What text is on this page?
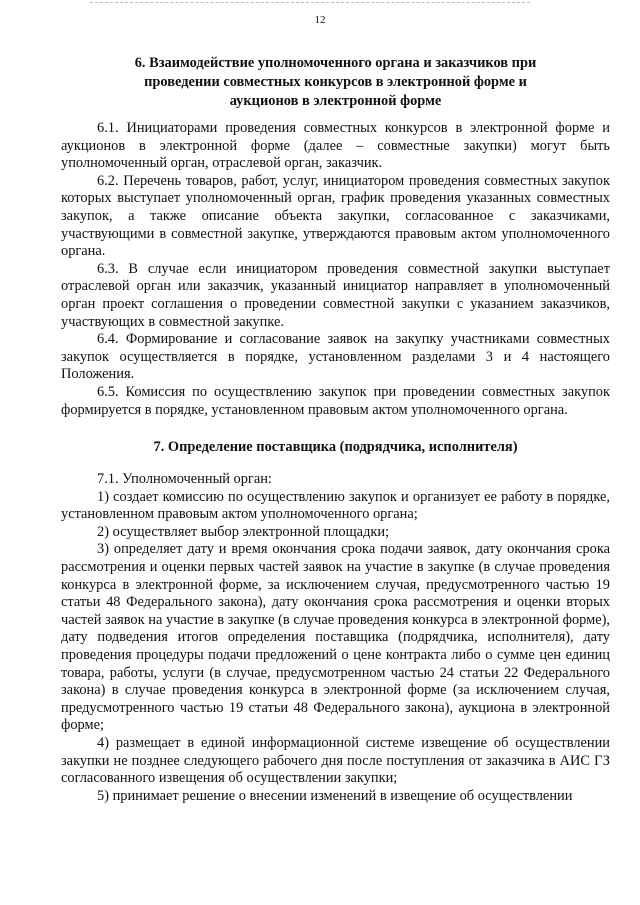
12
6. Взаимодействие уполномоченного органа и заказчиков при проведении совместных конкурсов в электронной форме и аукционов в электронной форме

6.1. Инициаторами проведения совместных конкурсов в электронной форме и аукционов в электронной форме (далее – совместные закупки) могут быть уполномоченный орган, отраслевой орган, заказчик.

6.2. Перечень товаров, работ, услуг, инициатором проведения совместных закупок которых выступает уполномоченный орган, график проведения указанных совместных закупок, а также описание объекта закупки, согласованное с заказчиками, участвующими в совместной закупке, утверждаются правовым актом уполномоченного органа.

6.3. В случае если инициатором проведения совместной закупки выступает отраслевой орган или заказчик, указанный инициатор направляет в уполномоченный орган проект соглашения о проведении совместной закупки с указанием заказчиков, участвующих в совместной закупке.

6.4. Формирование и согласование заявок на закупку участниками совместных закупок осуществляется в порядке, установленном разделами 3 и 4 настоящего Положения.

6.5. Комиссия по осуществлению закупок при проведении совместных закупок формируется в порядке, установленном правовым актом уполномоченного органа.

7. Определение поставщика (подрядчика, исполнителя)

7.1. Уполномоченный орган:

1) создает комиссию по осуществлению закупок и организует ее работу в порядке, установленном правовым актом уполномоченного органа;

2) осуществляет выбор электронной площадки;

3) определяет дату и время окончания срока подачи заявок, дату окончания срока рассмотрения и оценки первых частей заявок на участие в закупке (в случае проведения конкурса в электронной форме, за исключением случая, предусмотренного частью 19 статьи 48 Федерального закона), дату окончания срока рассмотрения и оценки вторых частей заявок на участие в закупке (в случае проведения конкурса в электронной форме), дату подведения итогов определения поставщика (подрядчика, исполнителя), дату проведения процедуры подачи предложений о цене контракта либо о сумме цен единиц товара, работы, услуги (в случае, предусмотренном частью 24 статьи 22 Федерального закона) в случае проведения конкурса в электронной форме (за исключением случая, предусмотренного частью 19 статьи 48 Федерального закона), аукциона в электронной форме;

4) размещает в единой информационной системе извещение об осуществлении закупки не позднее следующего рабочего дня после поступления от заказчика в АИС ГЗ согласованного извещения об осуществлении закупки;

5) принимает решение о внесении изменений в извещение об осуществлении
